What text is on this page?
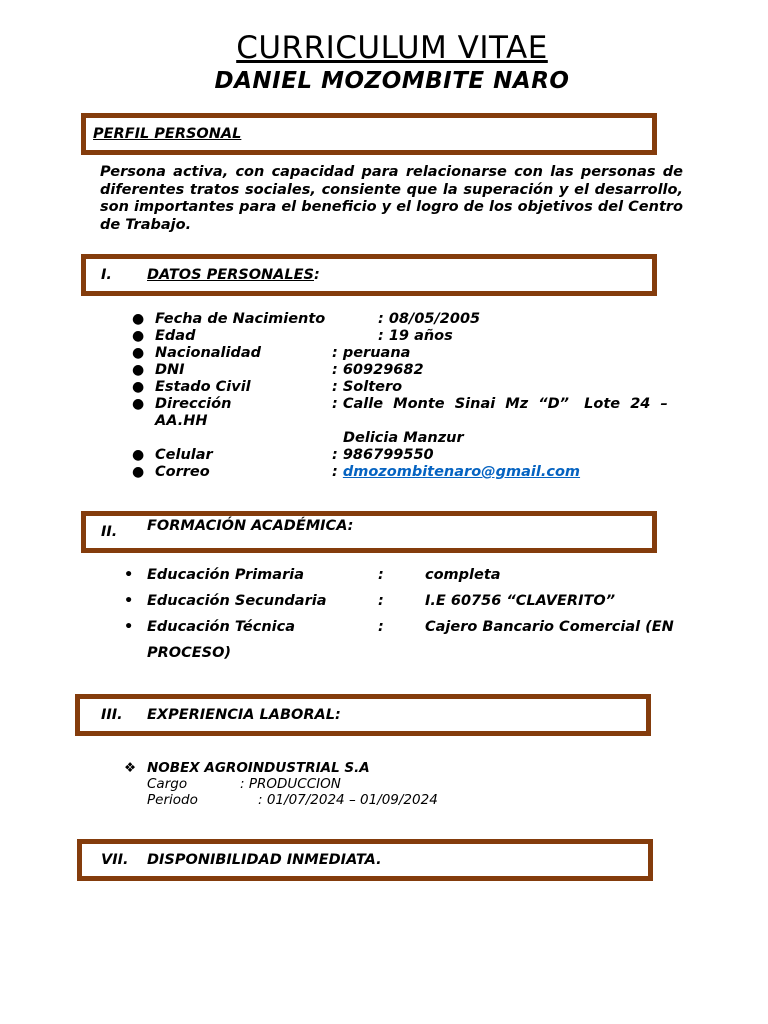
CURRICULUM VITAE
DANIEL MOZOMBITE NARO
PERFIL PERSONAL
Persona activa, con capacidad para relacionarse con las personas de diferentes tratos sociales, consiente que la superación y el desarrollo, son importantes para el beneficio y el logro de los objetivos del Centro de Trabajo.
I. DATOS PERSONALES:
● Fecha de Nacimiento	: 08/05/2005
● Edad	: 19 años
● Nacionalidad	: peruana
● DNI	: 60929682
● Estado Civil	: Soltero
● Dirección	: Calle  Monte  Sinai  Mz  “D”   Lote  24  –
AA.HH
Delicia Manzur
● Celular	: 986799550
● Correo	: dmozombitenaro@gmail.com
II. FORMACIÓN ACADÉMICA:
• Educación Primaria	:	completa
• Educación Secundaria	:	I.E 60756 “CLAVERITO”
• Educación Técnica	:	Cajero Bancario Comercial (EN
PROCESO)
III. EXPERIENCIA LABORAL:
❖ NOBEX AGROINDUSTRIAL S.A
Cargo	: PRODUCCION
Periodo	: 01/07/2024 – 01/09/2024
VII. DISPONIBILIDAD INMEDIATA.
